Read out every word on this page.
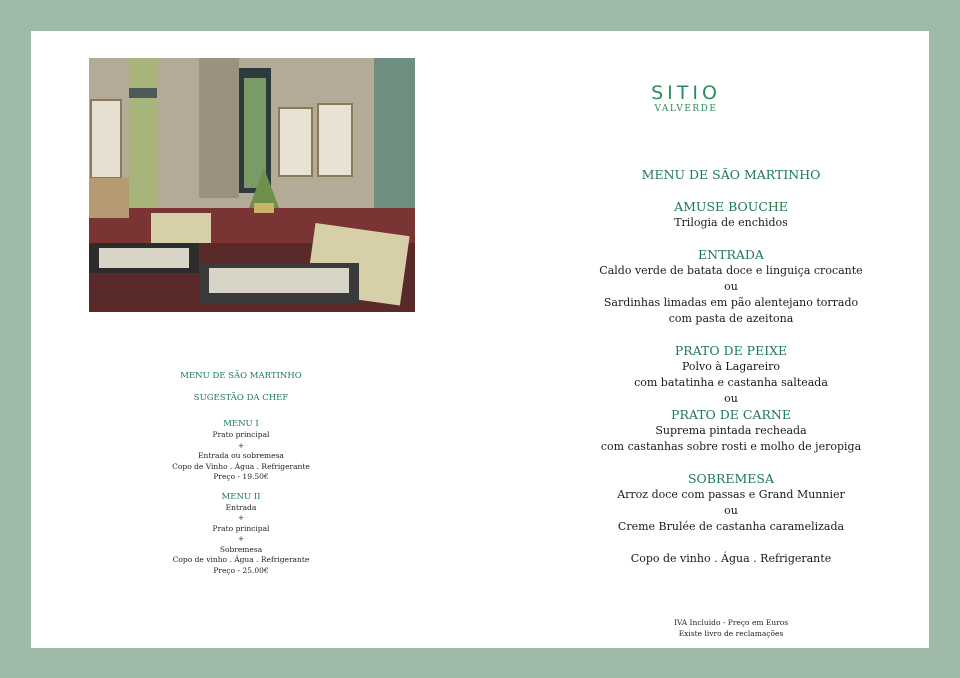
MENU DE SÃO MARTINHO
SUGESTÃO DA CHEF
MENU I
Prato principal
+
Entrada ou sobremesa
Copo de Vinho . Água . Refrigerante
Preço - 19.50€
MENU II
Entrada
+
Prato principal
+
Sobremesa
Copo de vinho . Água . Refrigerante
Preço - 25.00€
SITIO
VALVERDE
MENU DE SÃO MARTINHO
AMUSE BOUCHE
Trilogia de enchidos
ENTRADA
Caldo verde de batata doce e linguiça crocante
ou
Sardinhas limadas em pão alentejano torrado
com pasta de azeitona
PRATO DE PEIXE
Polvo à Lagareiro
com batatinha e castanha salteada
ou
PRATO DE CARNE
Suprema pintada recheada
com castanhas sobre rosti e molho de jeropiga
SOBREMESA
Arroz doce com passas e Grand Munnier
ou
Creme Brulée de castanha caramelizada
Copo de vinho . Água . Refrigerante
IVA Incluido - Preço em Euros
Existe livro de reclamações
